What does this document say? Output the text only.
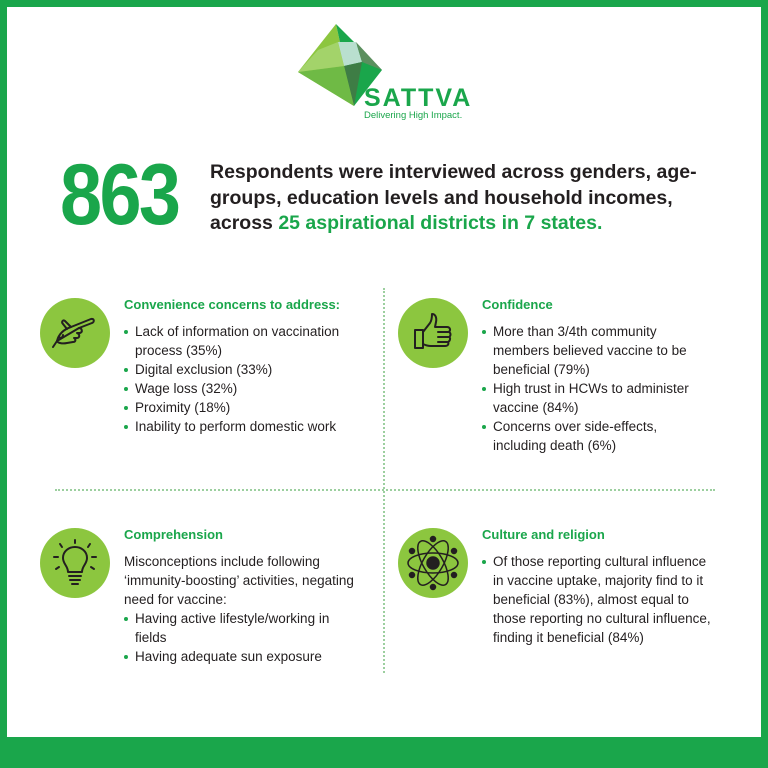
SATTVA
Delivering High Impact.
863 Respondents were interviewed across genders, age-groups, education levels and household incomes, across 25 aspirational districts in 7 states.
Convenience concerns to address:
Lack of information on vaccination process (35%)
Digital exclusion (33%)
Wage loss (32%)
Proximity (18%)
Inability to perform domestic work
Confidence
More than 3/4th community members believed vaccine to be beneficial (79%)
High trust in HCWs to administer vaccine (84%)
Concerns over side-effects, including death (6%)
Comprehension

Misconceptions include following ‘immunity-boosting’ activities, negating need for vaccine:

Having active lifestyle/working in fields
Having adequate sun exposure
Culture and religion
Of those reporting cultural influence in vaccine uptake, majority find to it beneficial (83%), almost equal to those reporting no cultural influence, finding it beneficial (84%)
